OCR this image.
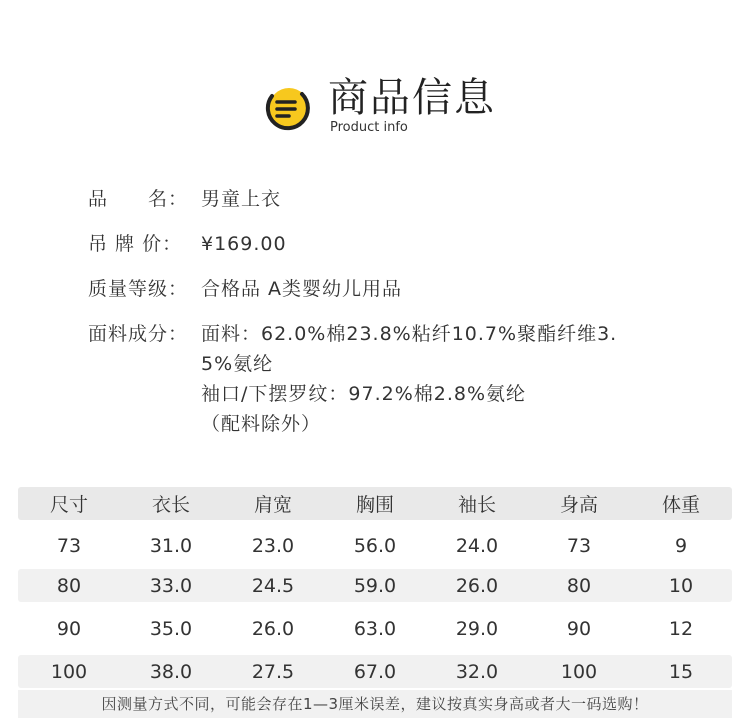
商品信息
Product info
品　　名： 男童上衣
吊 牌 价： ¥169.00
质量等级： 合格品 A类婴幼儿用品
面料成分： 面料：62.0%棉23.8%粘纤10.7%聚酯纤维3.
5%氨纶
袖口/下摆罗纹：97.2%棉2.8%氨纶
（配料除外）
尺寸	衣长	肩宽	胸围	袖长	身高	体重
73	31.0	23.0	56.0	24.0	73	9
80	33.0	24.5	59.0	26.0	80	10
90	35.0	26.0	63.0	29.0	90	12
100	38.0	27.5	67.0	32.0	100	15
因测量方式不同，可能会存在1—3厘米误差，建议按真实身高或者大一码选购！
